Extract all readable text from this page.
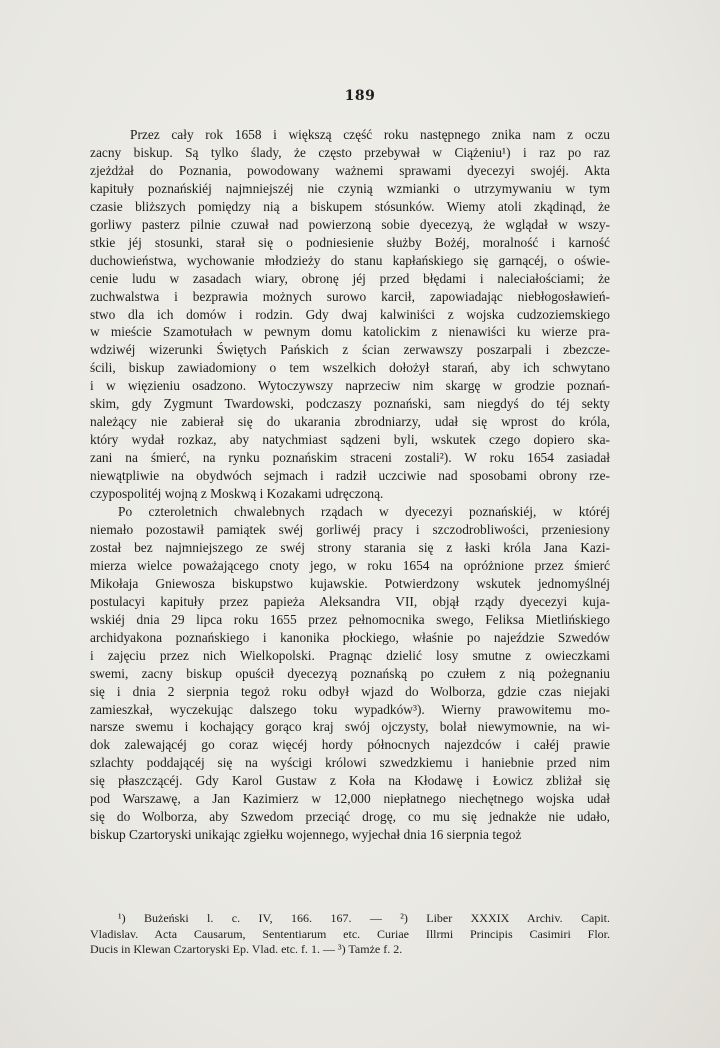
189
Przez cały rok 1658 i większą część roku następnego znika nam z oczu
zacny biskup. Są tylko ślady, że często przebywał w Ciążeniu¹) i raz po raz
zjeżdżał do Poznania, powodowany ważnemi sprawami dyecezyi swojéj. Akta
kapituły poznańskiéj najmniejszéj nie czynią wzmianki o utrzymywaniu w tym
czasie bliższych pomiędzy nią a biskupem stósunków. Wiemy atoli zkądinąd, że
gorliwy pasterz pilnie czuwał nad powierzoną sobie dyecezyą, że wglądał w wszy-
stkie jéj stosunki, starał się o podniesienie służby Bożéj, moralność i karność
duchowieństwa, wychowanie młodzieży do stanu kapłańskiego się garnącéj, o oświe-
cenie ludu w zasadach wiary, obronę jéj przed błędami i naleciałościami; że
zuchwalstwa i bezprawia możnych surowo karcił, zapowiadając niebłogosławień-
stwo dla ich domów i rodzin. Gdy dwaj kalwiniści z wojska cudzoziemskiego
w mieście Szamotułach w pewnym domu katolickim z nienawiści ku wierze pra-
wdziwéj wizerunki Świętych Pańskich z ścian zerwawszy poszarpali i zbezcze-
ścili, biskup zawiadomiony o tem wszelkich dołożył starań, aby ich schwytano
i w więzieniu osadzono. Wytoczywszy naprzeciw nim skargę w grodzie poznań-
skim, gdy Zygmunt Twardowski, podczaszy poznański, sam niegdyś do téj sekty
należący nie zabierał się do ukarania zbrodniarzy, udał się wprost do króla,
który wydał rozkaz, aby natychmiast sądzeni byli, wskutek czego dopiero ska-
zani na śmierć, na rynku poznańskim straceni zostali²). W roku 1654 zasiadał
niewątpliwie na obydwóch sejmach i radził uczciwie nad sposobami obrony rze-
czypospolitéj wojną z Moskwą i Kozakami udręczoną.
Po czteroletnich chwalebnych rządach w dyecezyi poznańskiéj, w któréj
niemało pozostawił pamiątek swéj gorliwéj pracy i szczodrobliwości, przeniesiony
został bez najmniejszego ze swéj strony starania się z łaski króla Jana Kazi-
mierza wielce poważającego cnoty jego, w roku 1654 na opróżnione przez śmierć
Mikołaja Gniewosza biskupstwo kujawskie. Potwierdzony wskutek jednomyślnéj
postulacyi kapituły przez papieża Aleksandra VII, objął rządy dyecezyi kuja-
wskiéj dnia 29 lipca roku 1655 przez pełnomocnika swego, Feliksa Mietlińskiego
archidyakona poznańskiego i kanonika płockiego, właśnie po najeździe Szwedów
i zajęciu przez nich Wielkopolski. Pragnąc dzielić losy smutne z owieczkami
swemi, zacny biskup opuścił dyecezyą poznańską po czułem z nią pożegnaniu
się i dnia 2 sierpnia tegoż roku odbył wjazd do Wolborza, gdzie czas niejaki
zamieszkał, wyczekując dalszego toku wypadków³). Wierny prawowitemu mo-
narsze swemu i kochający gorąco kraj swój ojczysty, bolał niewymownie, na wi-
dok zalewającéj go coraz więcéj hordy północnych najezdców i całéj prawie
szlachty poddającéj się na wyścigi królowi szwedzkiemu i haniebnie przed nim
się płaszczącéj. Gdy Karol Gustaw z Koła na Kłodawę i Łowicz zbliżał się
pod Warszawę, a Jan Kazimierz w 12,000 niepłatnego niechętnego wojska udał
się do Wolborza, aby Szwedom przeciąć drogę, co mu się jednakże nie udało,
biskup Czartoryski unikając zgiełku wojennego, wyjechał dnia 16 sierpnia tegoż
¹) Bużeński l. c. IV, 166. 167. — ²) Liber XXXIX Archiv. Capit.
Vladislav. Acta Causarum, Sententiarum etc. Curiae Illrmi Principis Casimiri Flor.
Ducis in Klewan Czartoryski Ep. Vlad. etc. f. 1. — ³) Tamże f. 2.
